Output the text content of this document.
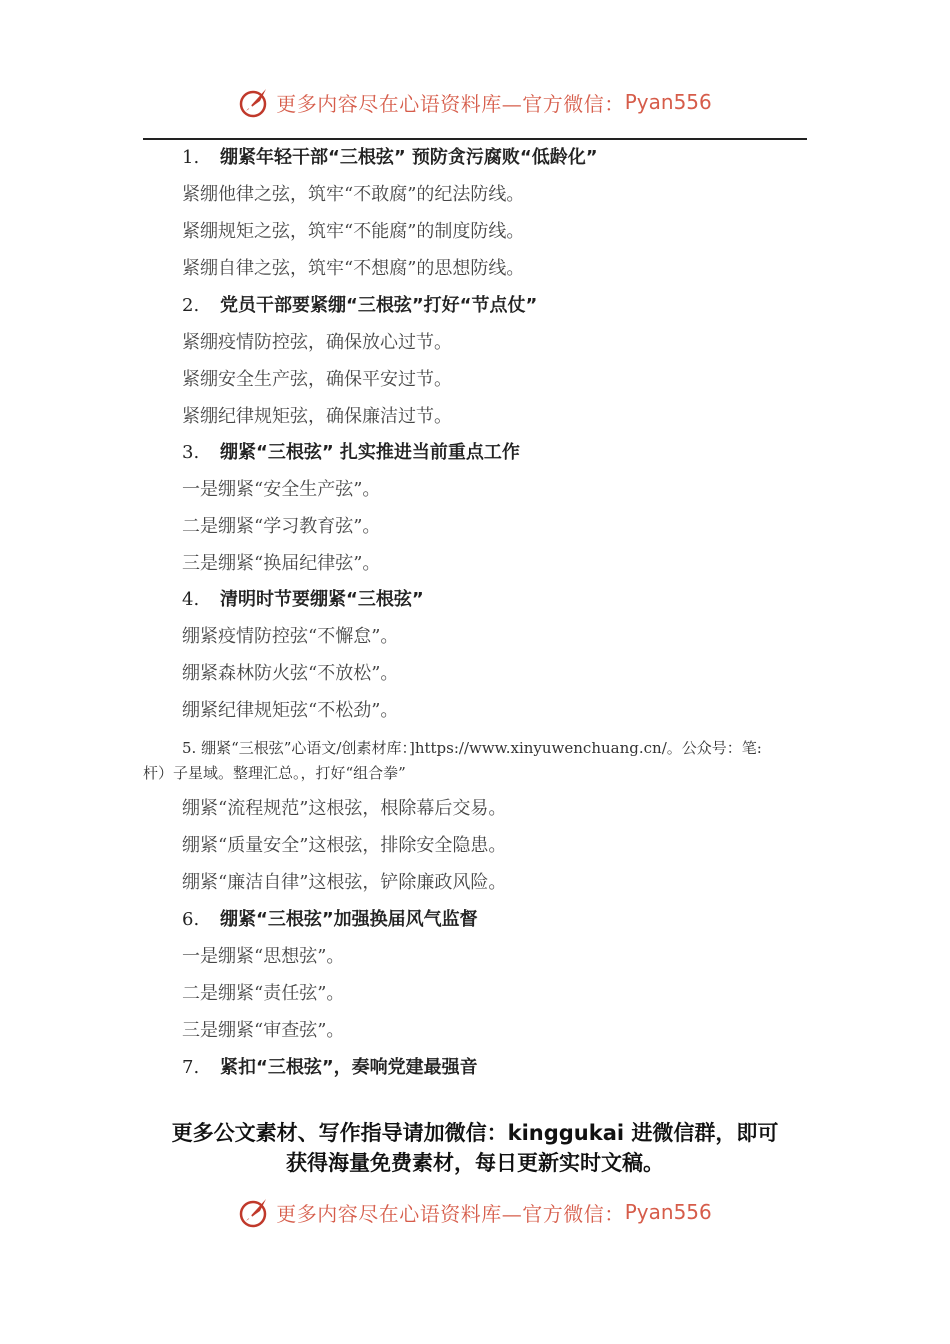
更多内容尽在心语资料库—官方微信： Pyan556
1. 绷紧年轻干部“三根弦” 预防贪污腐败“低龄化”
紧绷他律之弦，筑牢“不敢腐”的纪法防线。
紧绷规矩之弦，筑牢“不能腐”的制度防线。
紧绷自律之弦，筑牢“不想腐”的思想防线。
2. 党员干部要紧绷“三根弦”打好“节点仗”
紧绷疫情防控弦，确保放心过节。
紧绷安全生产弦，确保平安过节。
紧绷纪律规矩弦，确保廉洁过节。
3. 绷紧“三根弦” 扎实推进当前重点工作
一是绷紧“安全生产弦”。
二是绷紧“学习教育弦”。
三是绷紧“换届纪律弦”。
4. 清明时节要绷紧“三根弦”
绷紧疫情防控弦“不懈怠”。
绷紧森林防火弦“不放松”。
绷紧纪律规矩弦“不松劲”。
5. 绷紧“三根弦”心语文/创素材库：]https://www.xinyuwenchuang.cn/。公众号：笔:
杆）子星域。整理汇总。，打好“组合拳”
绷紧“流程规范”这根弦，根除幕后交易。
绷紧“质量安全”这根弦，排除安全隐患。
绷紧“廉洁自律”这根弦，铲除廉政风险。
6. 绷紧“三根弦”加强换届风气监督
一是绷紧“思想弦”。
二是绷紧“责任弦”。
三是绷紧“审查弦”。
7. 紧扣“三根弦”，奏响党建最强音
更多公文素材、写作指导请加微信：kinggukai 进微信群，即可
获得海量免费素材，每日更新实时文稿。
更多内容尽在心语资料库—官方微信： Pyan556
